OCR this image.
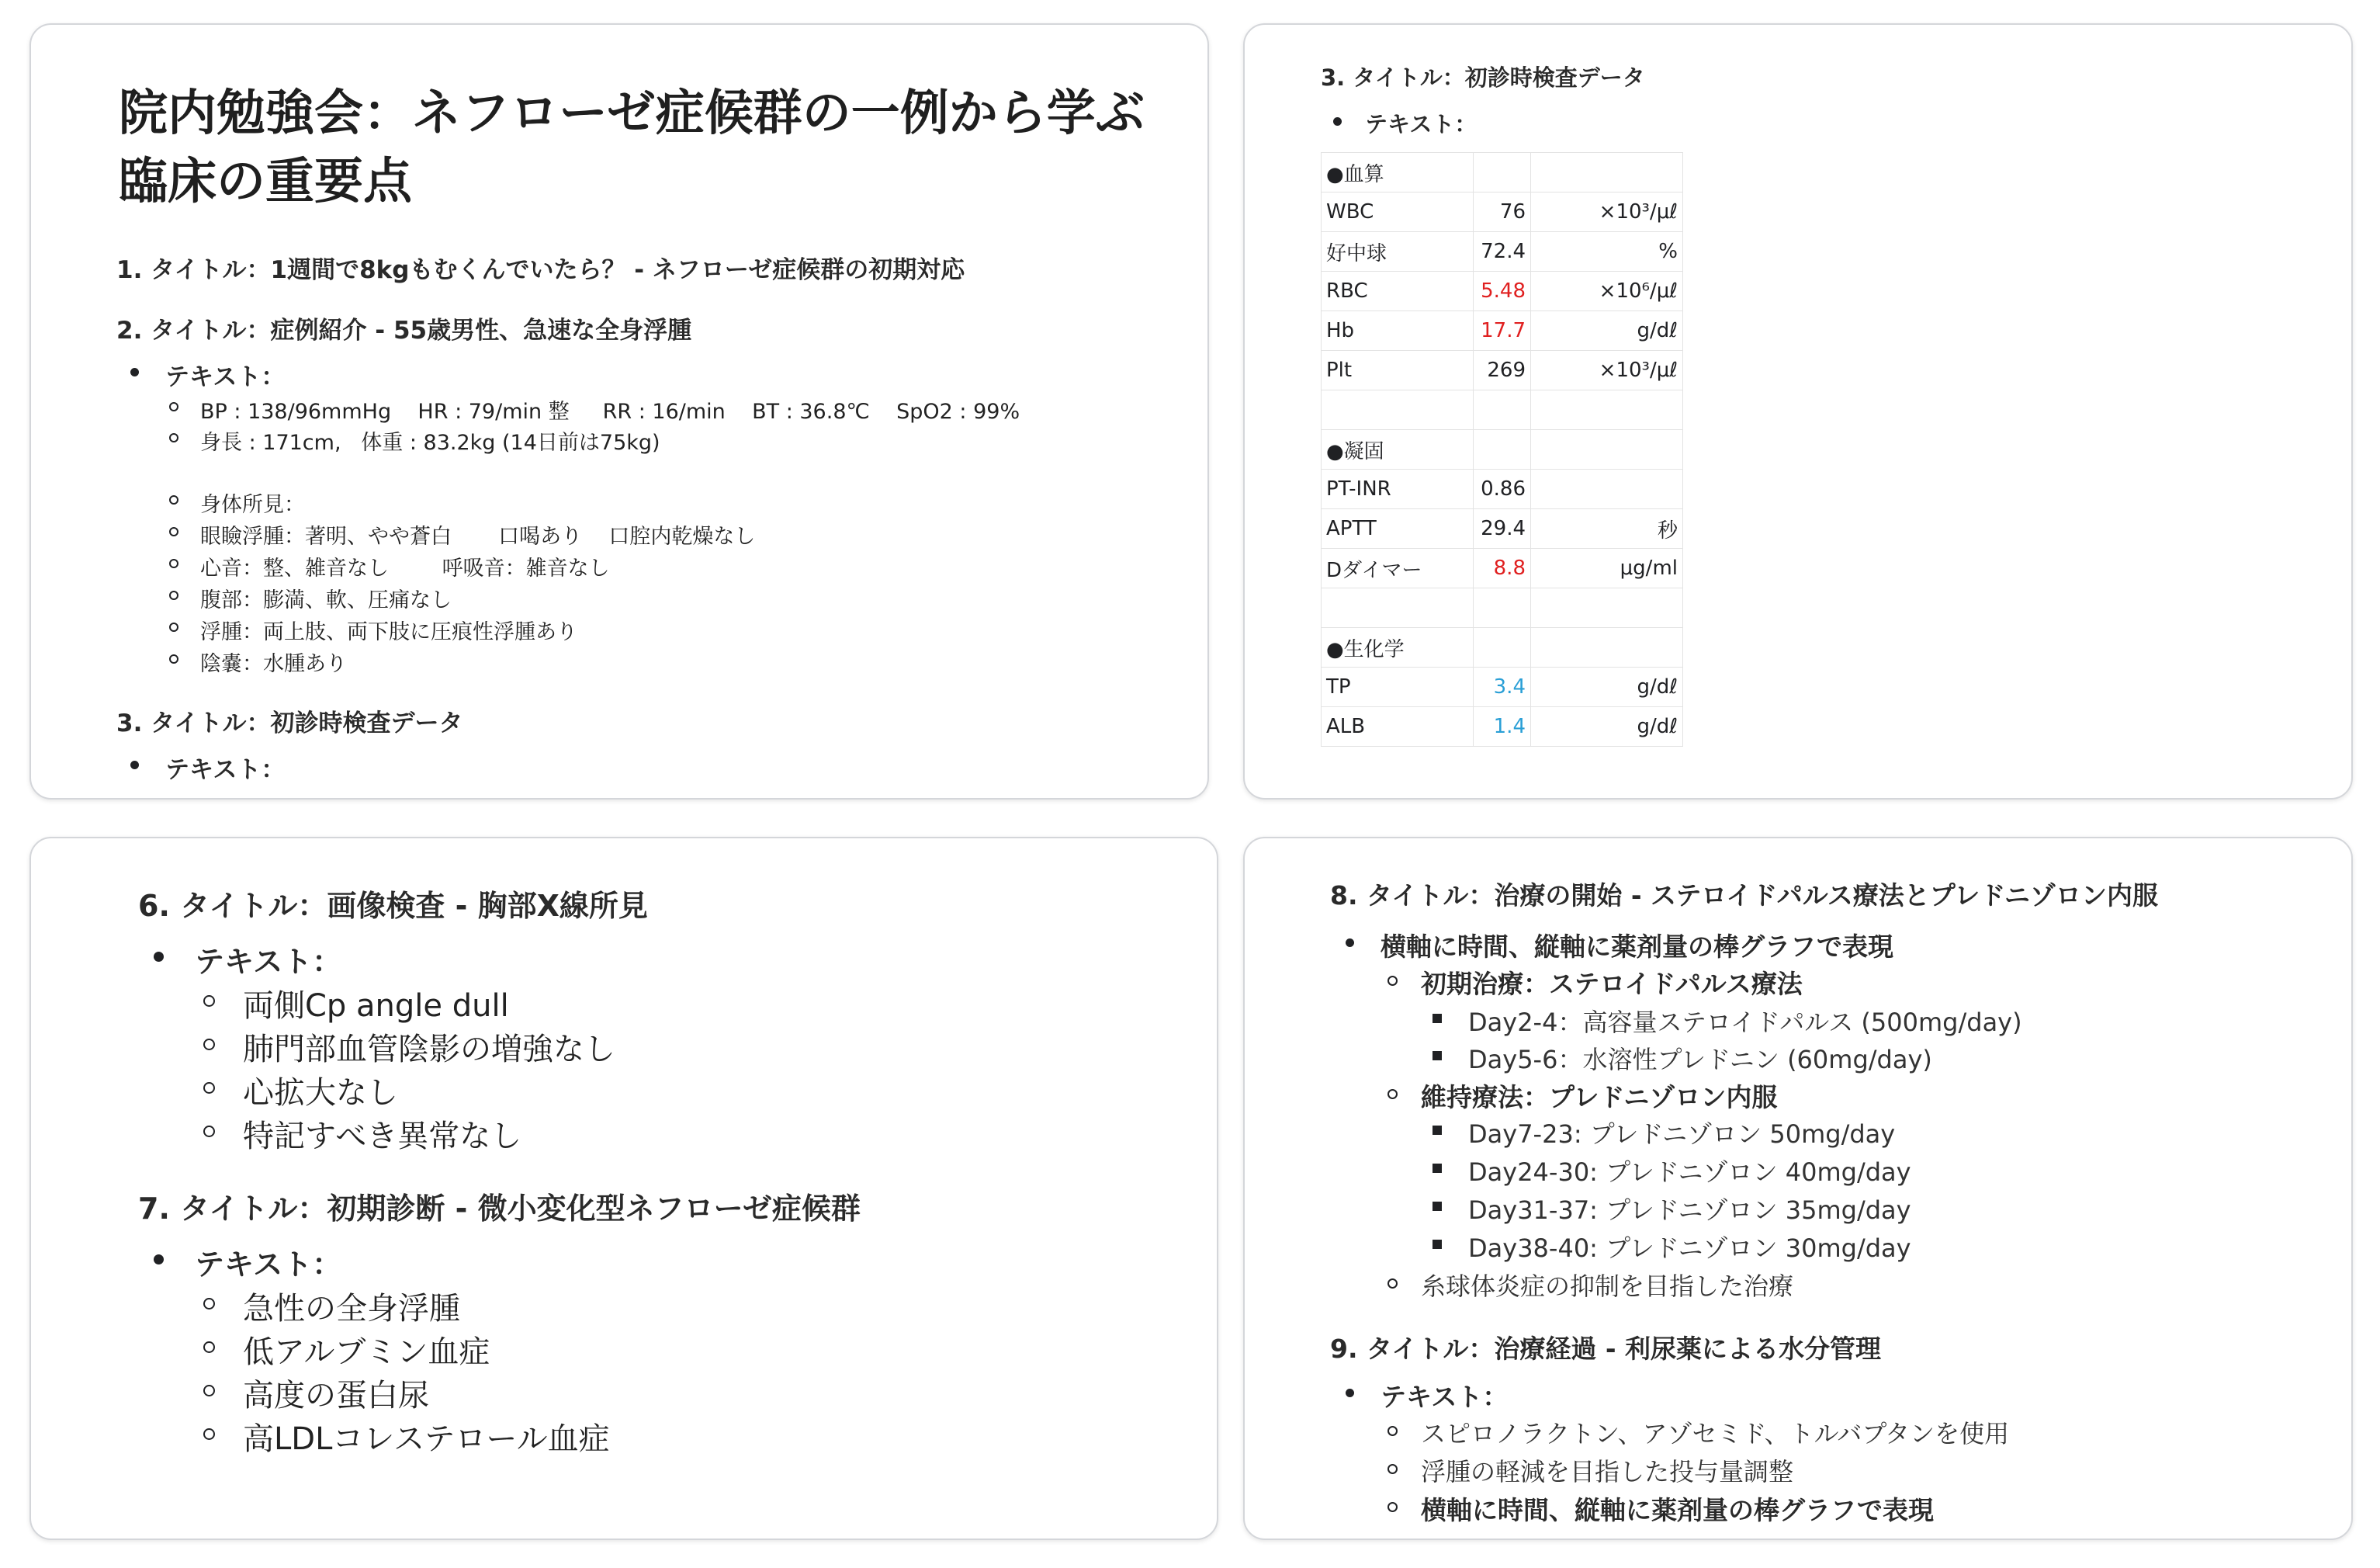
院内勉強会：ネフローゼ症候群の一例から学ぶ臨床の重要点
1. タイトル：1週間で8kgもむくんでいたら？ - ネフローゼ症候群の初期対応
2. タイトル：症例紹介 - 55歳男性、急速な全身浮腫
テキスト：
BP : 138/96mmHg    HR : 79/min 整     RR : 16/min    BT : 36.8℃    SpO2 : 99%
身長 : 171cm,   体重 : 83.2kg (14日前は75kg)
身体所見：
眼瞼浮腫：著明、やや蒼白       口喝あり    口腔内乾燥なし
心音：整、雑音なし        呼吸音：雑音なし
腹部：膨満、軟、圧痛なし
浮腫：両上肢、両下肢に圧痕性浮腫あり
陰嚢：水腫あり
3. タイトル：初診時検査データ
テキスト：
3. タイトル：初診時検査データ
テキスト：
●血算		
WBC	76	×10³/μℓ
好中球	72.4	%
RBC	5.48	×10⁶/μℓ
Hb	17.7	g/dℓ
Plt	269	×10³/μℓ

●凝固		
PT-INR	0.86	
APTT	29.4	秒
Dダイマー	8.8	μg/ml

●生化学		
TP	3.4	g/dℓ
ALB	1.4	g/dℓ
6. タイトル：画像検査 - 胸部X線所見
テキスト：
両側Cp angle dull
肺門部血管陰影の増強なし
心拡大なし
特記すべき異常なし
7. タイトル：初期診断 - 微小変化型ネフローゼ症候群
テキスト：
急性の全身浮腫
低アルブミン血症
高度の蛋白尿
高LDLコレステロール血症
8. タイトル：治療の開始 - ステロイドパルス療法とプレドニゾロン内服
横軸に時間、縦軸に薬剤量の棒グラフで表現
初期治療：ステロイドパルス療法
Day2-4：高容量ステロイドパルス (500mg/day)
Day5-6：水溶性プレドニン (60mg/day)
維持療法：プレドニゾロン内服
Day7-23: プレドニゾロン 50mg/day
Day24-30: プレドニゾロン 40mg/day
Day31-37: プレドニゾロン 35mg/day
Day38-40: プレドニゾロン 30mg/day
糸球体炎症の抑制を目指した治療
9. タイトル：治療経過 - 利尿薬による水分管理
テキスト：
スピロノラクトン、アゾセミド、トルバプタンを使用
浮腫の軽減を目指した投与量調整
横軸に時間、縦軸に薬剤量の棒グラフで表現
